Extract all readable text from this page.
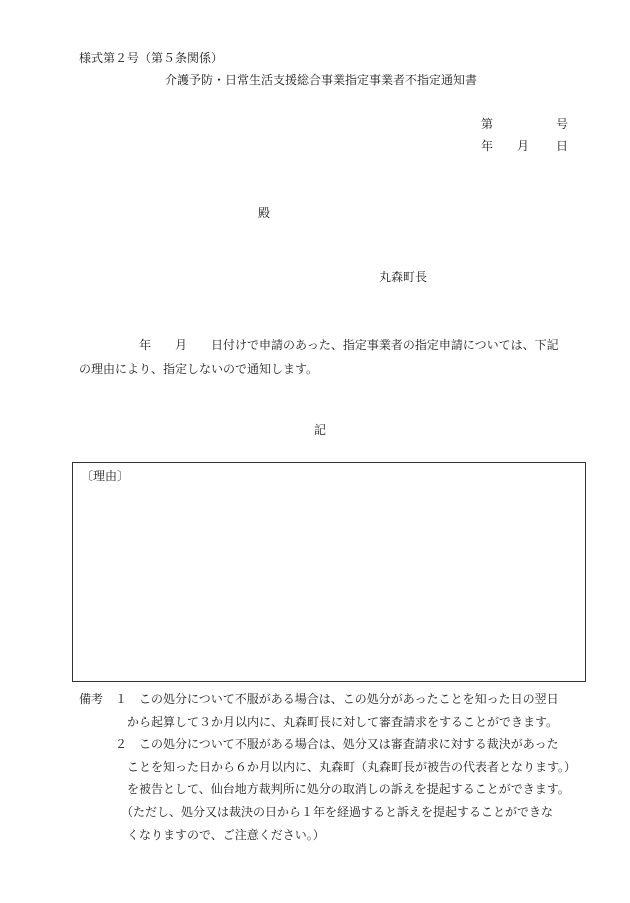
様式第２号（第５条関係）
介護予防・日常生活支援総合事業指定事業者不指定通知書
第	号
年 月 日
殿
丸森町長
　　　　　年　　月　　日付けで申請のあった、指定事業者の指定申請については、下記
の理由により、指定しないので通知します。
記
〔理由〕
備考　１　この処分について不服がある場合は、この処分があったことを知った日の翌日
　　　　から起算して３か月以内に、丸森町長に対して審査請求をすることができます。
　　　２　この処分について不服がある場合は、処分又は審査請求に対する裁決があった
　　　　ことを知った日から６か月以内に、丸森町（丸森町長が被告の代表者となります。）
　　　　を被告として、仙台地方裁判所に処分の取消しの訴えを提起することができます。
　　　　（ただし、処分又は裁決の日から１年を経過すると訴えを提起することができな
　　　　くなりますので、ご注意ください。）
